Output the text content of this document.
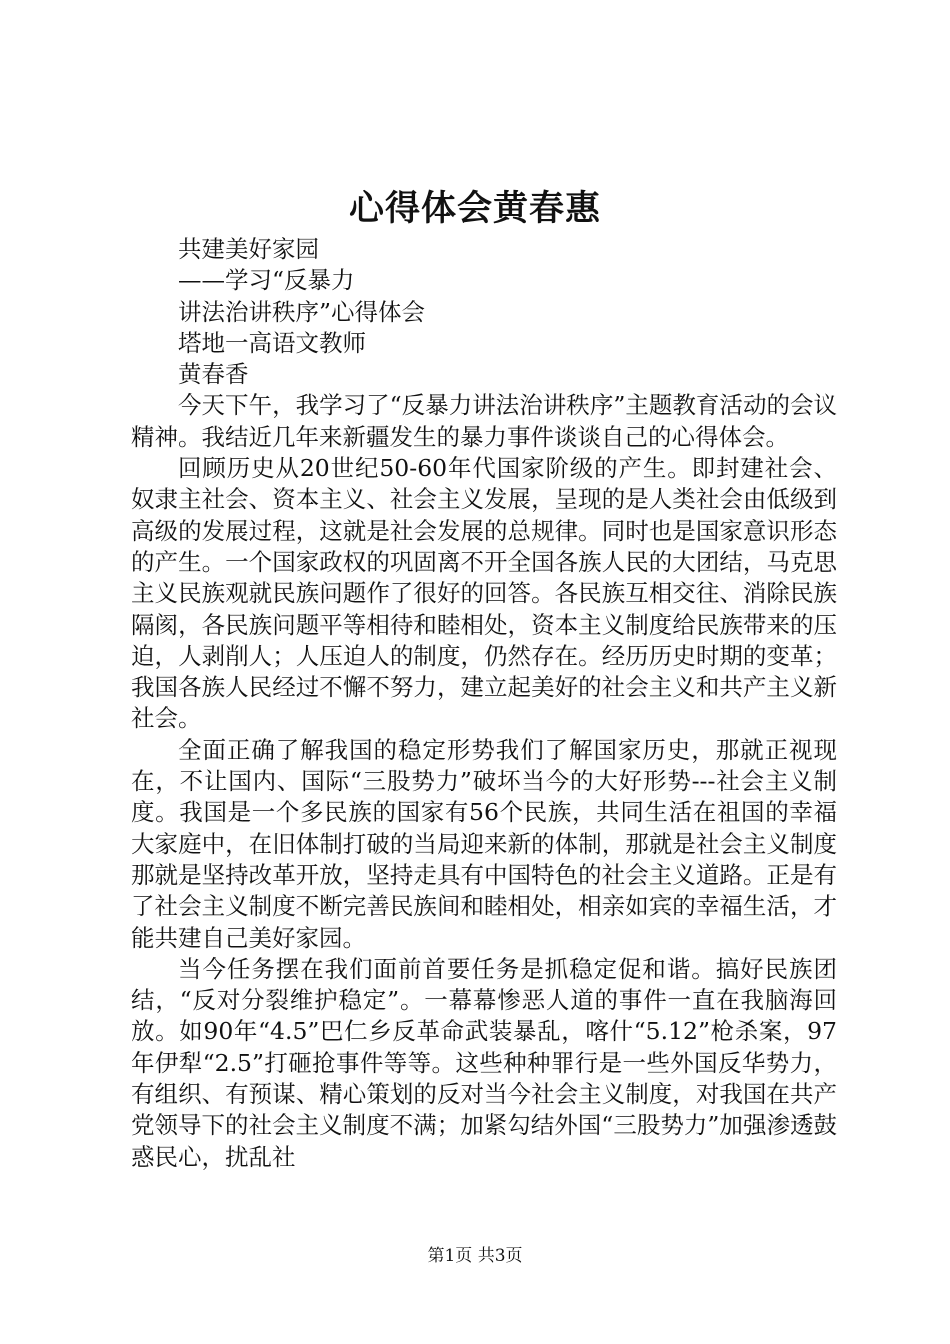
心得体会黄春惠

共建美好家园

——学习“反暴力

讲法治讲秩序”心得体会

塔地一高语文教师

黄春香

今天下午，我学习了“反暴力讲法治讲秩序”主题教育活动的会议精神。我结近几年来新疆发生的暴力事件谈谈自己的心得体会。

回顾历史从20世纪50-60年代国家阶级的产生。即封建社会、奴隶主社会、资本主义、社会主义发展，呈现的是人类社会由低级到高级的发展过程，这就是社会发展的总规律。同时也是国家意识形态的产生。一个国家政权的巩固离不开全国各族人民的大团结，马克思主义民族观就民族问题作了很好的回答。各民族互相交往、消除民族隔阂，各民族问题平等相待和睦相处，资本主义制度给民族带来的压迫，人剥削人；人压迫人的制度，仍然存在。经历历史时期的变革；我国各族人民经过不懈不努力，建立起美好的社会主义和共产主义新社会。

全面正确了解我国的稳定形势我们了解国家历史，那就正视现在，不让国内、国际“三股势力”破坏当今的大好形势---社会主义制度。我国是一个多民族的国家有56个民族，共同生活在祖国的幸福大家庭中，在旧体制打破的当局迎来新的体制，那就是社会主义制度那就是坚持改革开放，坚持走具有中国特色的社会主义道路。正是有了社会主义制度不断完善民族间和睦相处，相亲如宾的幸福生活，才能共建自己美好家园。

当今任务摆在我们面前首要任务是抓稳定促和谐。搞好民族团结，“反对分裂维护稳定”。一幕幕惨恶人道的事件一直在我脑海回放。如90年“4.5”巴仁乡反革命武装暴乱，喀什“5.12”枪杀案，97年伊犁“2.5”打砸抢事件等等。这些种种罪行是一些外国反华势力，有组织、有预谋、精心策划的反对当今社会主义制度，对我国在共产党领导下的社会主义制度不满；加紧勾结外国“三股势力”加强渗透鼓惑民心，扰乱社

第1页 共3页
